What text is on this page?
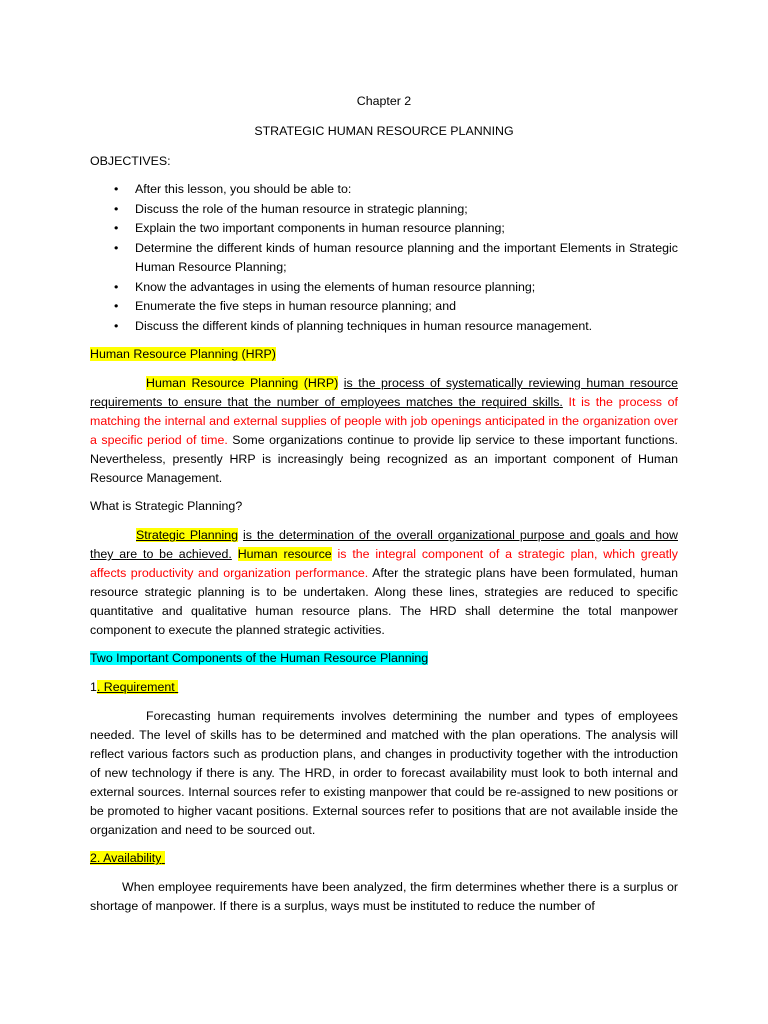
Chapter 2
STRATEGIC HUMAN RESOURCE PLANNING
OBJECTIVES:
• After this lesson, you should be able to:
• Discuss the role of the human resource in strategic planning;
• Explain the two important components in human resource planning;
• Determine the different kinds of human resource planning and the important Elements in Strategic Human Resource Planning;
• Know the advantages in using the elements of human resource planning;
• Enumerate the five steps in human resource planning; and
• Discuss the different kinds of planning techniques in human resource management.
Human Resource Planning (HRP)
Human Resource Planning (HRP) is the process of systematically reviewing human resource requirements to ensure that the number of employees matches the required skills. It is the process of matching the internal and external supplies of people with job openings anticipated in the organization over a specific period of time. Some organizations continue to provide lip service to these important functions. Nevertheless, presently HRP is increasingly being recognized as an important component of Human Resource Management.
What is Strategic Planning?
Strategic Planning is the determination of the overall organizational purpose and goals and how they are to be achieved. Human resource is the integral component of a strategic plan, which greatly affects productivity and organization performance. After the strategic plans have been formulated, human resource strategic planning is to be undertaken. Along these lines, strategies are reduced to specific quantitative and qualitative human resource plans. The HRD shall determine the total manpower component to execute the planned strategic activities.
Two Important Components of the Human Resource Planning
1. Requirement
Forecasting human requirements involves determining the number and types of employees needed. The level of skills has to be determined and matched with the plan operations. The analysis will reflect various factors such as production plans, and changes in productivity together with the introduction of new technology if there is any. The HRD, in order to forecast availability must look to both internal and external sources. Internal sources refer to existing manpower that could be re-assigned to new positions or be promoted to higher vacant positions. External sources refer to positions that are not available inside the organization and need to be sourced out.
2. Availability
When employee requirements have been analyzed, the firm determines whether there is a surplus or shortage of manpower. If there is a surplus, ways must be instituted to reduce the number of
